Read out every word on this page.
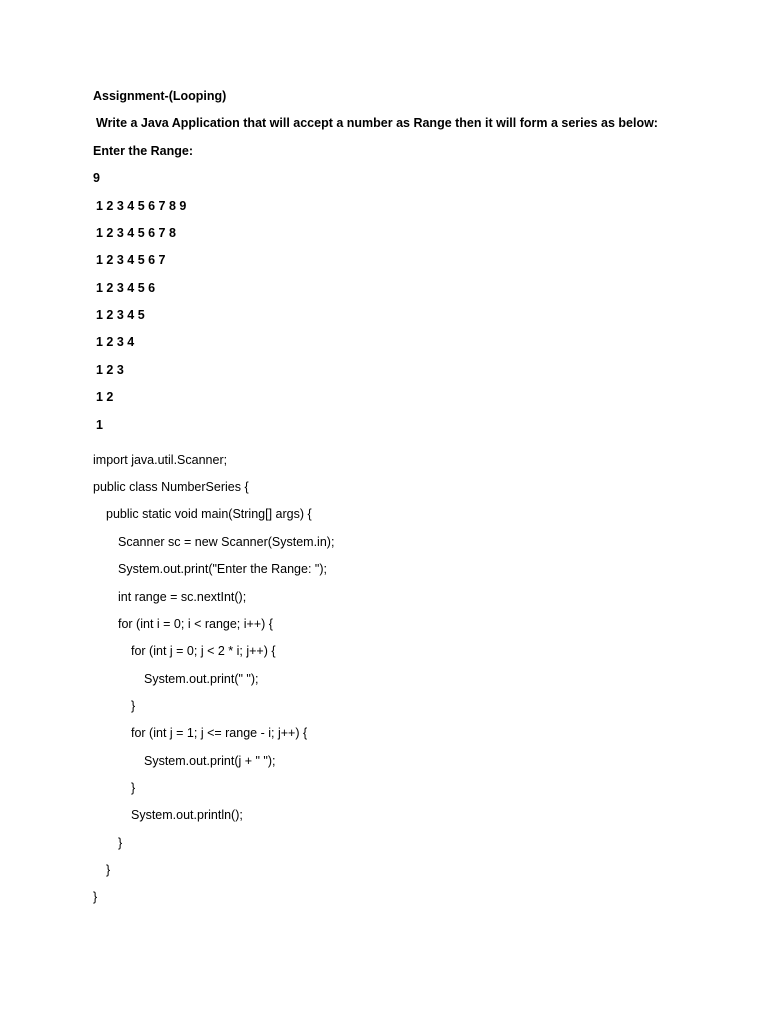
Assignment-(Looping)
Write a Java Application that will accept a number as Range then it will form a series as below:
Enter the Range:
9
1 2 3 4 5 6 7 8 9
1 2 3 4 5 6 7 8
1 2 3 4 5 6 7
1 2 3 4 5 6
1 2 3 4 5
1 2 3 4
1 2 3
1 2
1
import java.util.Scanner;
public class NumberSeries {
public static void main(String[] args) {
Scanner sc = new Scanner(System.in);
System.out.print("Enter the Range: ");
int range = sc.nextInt();
for (int i = 0; i < range; i++) {
for (int j = 0; j < 2 * i; j++) {
System.out.print(" ");
}
for (int j = 1; j <= range - i; j++) {
System.out.print(j + " ");
}
System.out.println();
}
}
}
